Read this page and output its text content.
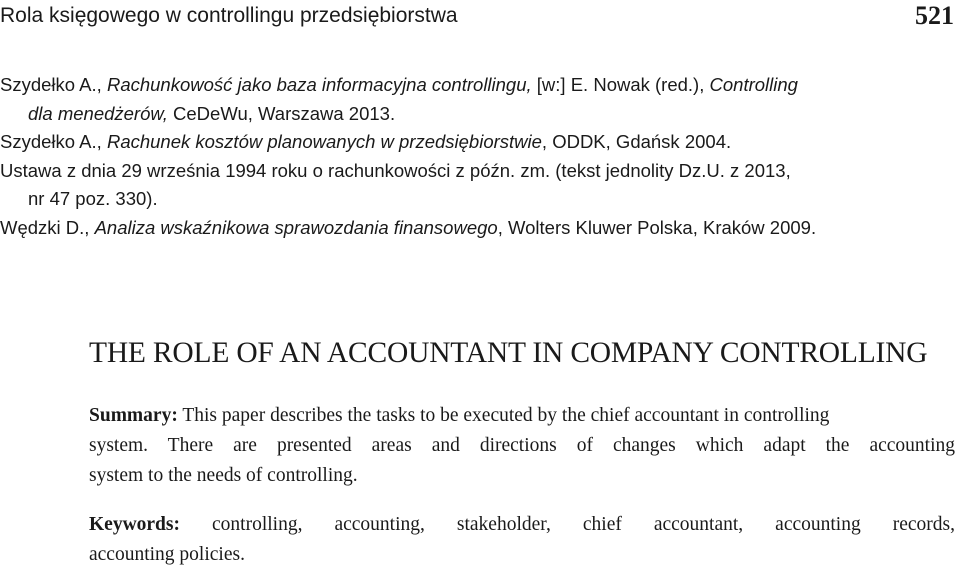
Rola księgowego w controllingu przedsiębiorstwa	521
Szydełko A., Rachunkowość jako baza informacyjna controllingu, [w:] E. Nowak (red.), Controlling
dla menedżerów, CeDeWu, Warszawa 2013.
Szydełko A., Rachunek kosztów planowanych w przedsiębiorstwie, ODDK, Gdańsk 2004.
Ustawa z dnia 29 września 1994 roku o rachunkowości z późn. zm. (tekst jednolity Dz.U. z 2013,
nr 47 poz. 330).
Wędzki D., Analiza wskaźnikowa sprawozdania finansowego, Wolters Kluwer Polska, Kraków 2009.
THE ROLE OF AN ACCOUNTANT IN COMPANY CONTROLLING
Summary: This paper describes the tasks to be executed by the chief accountant in controlling
system. There are presented areas and directions of changes which adapt the accounting
system to the needs of controlling.
Keywords: controlling, accounting, stakeholder, chief accountant, accounting records,
accounting policies.
